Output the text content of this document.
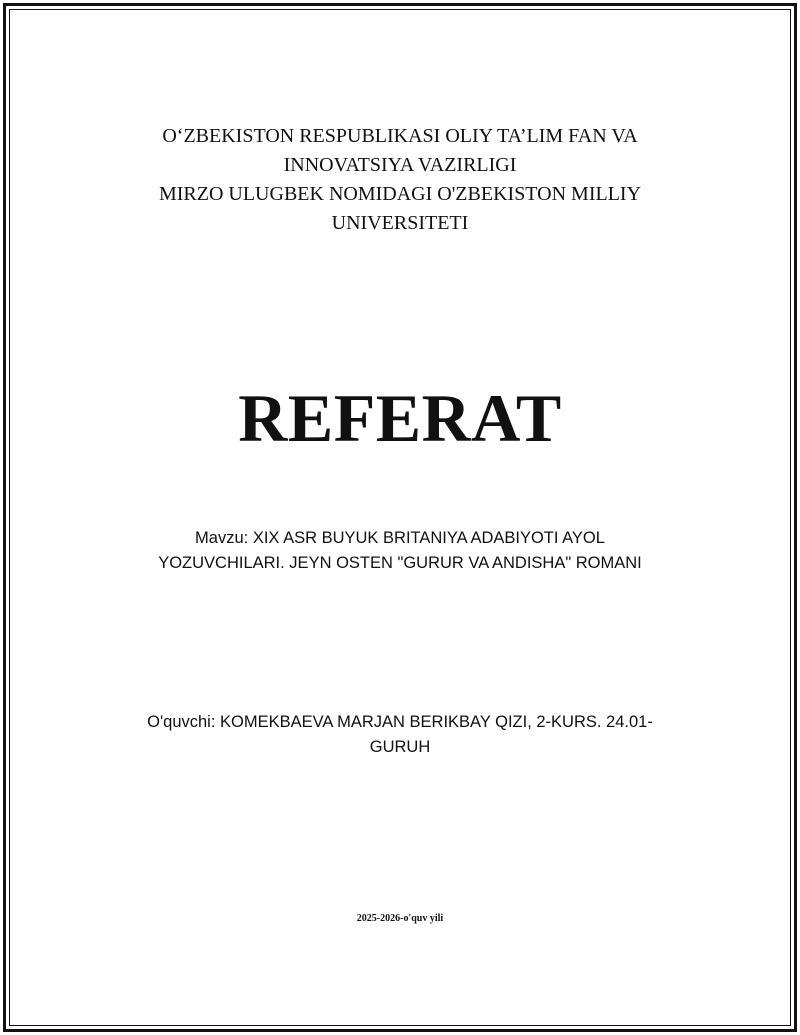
O‘ZBEKISTON RESPUBLIKASI OLIY TA’LIM FAN VA
INNOVATSIYA VAZIRLIGI
MIRZO ULUGBEK NOMIDAGI O'ZBEKISTON MILLIY
UNIVERSITETI
REFERAT
Mavzu: XIX ASR BUYUK BRITANIYA ADABIYOTI AYOL
YOZUVCHILARI. JEYN OSTEN "GURUR VA ANDISHA" ROMANI
O'quvchi: KOMEKBAEVA MARJAN BERIKBAY QIZI, 2-KURS. 24.01-
GURUH
2025-2026-o'quv yili
